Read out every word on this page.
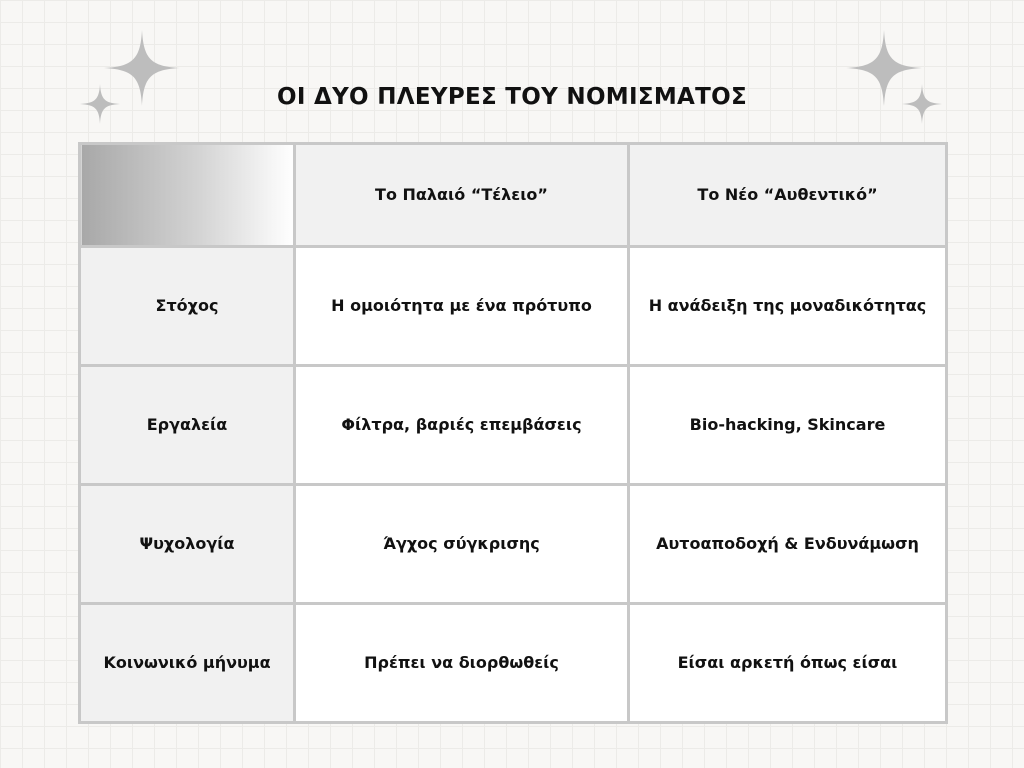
ΟΙ ΔΥΟ ΠΛΕΥΡΕΣ ΤΟΥ ΝΟΜΙΣΜΑΤΟΣ
	Το Παλαιό “Τέλειο”	Το Νέο “Αυθεντικό”
Στόχος	Η ομοιότητα με ένα πρότυπο	Η ανάδειξη της μοναδικότητας
Εργαλεία	Φίλτρα, βαριές επεμβάσεις	Bio-hacking, Skincare
Ψυχολογία	Άγχος σύγκρισης	Αυτοαποδοχή & Ενδυνάμωση
Κοινωνικό μήνυμα	Πρέπει να διορθωθείς	Είσαι αρκετή όπως είσαι
